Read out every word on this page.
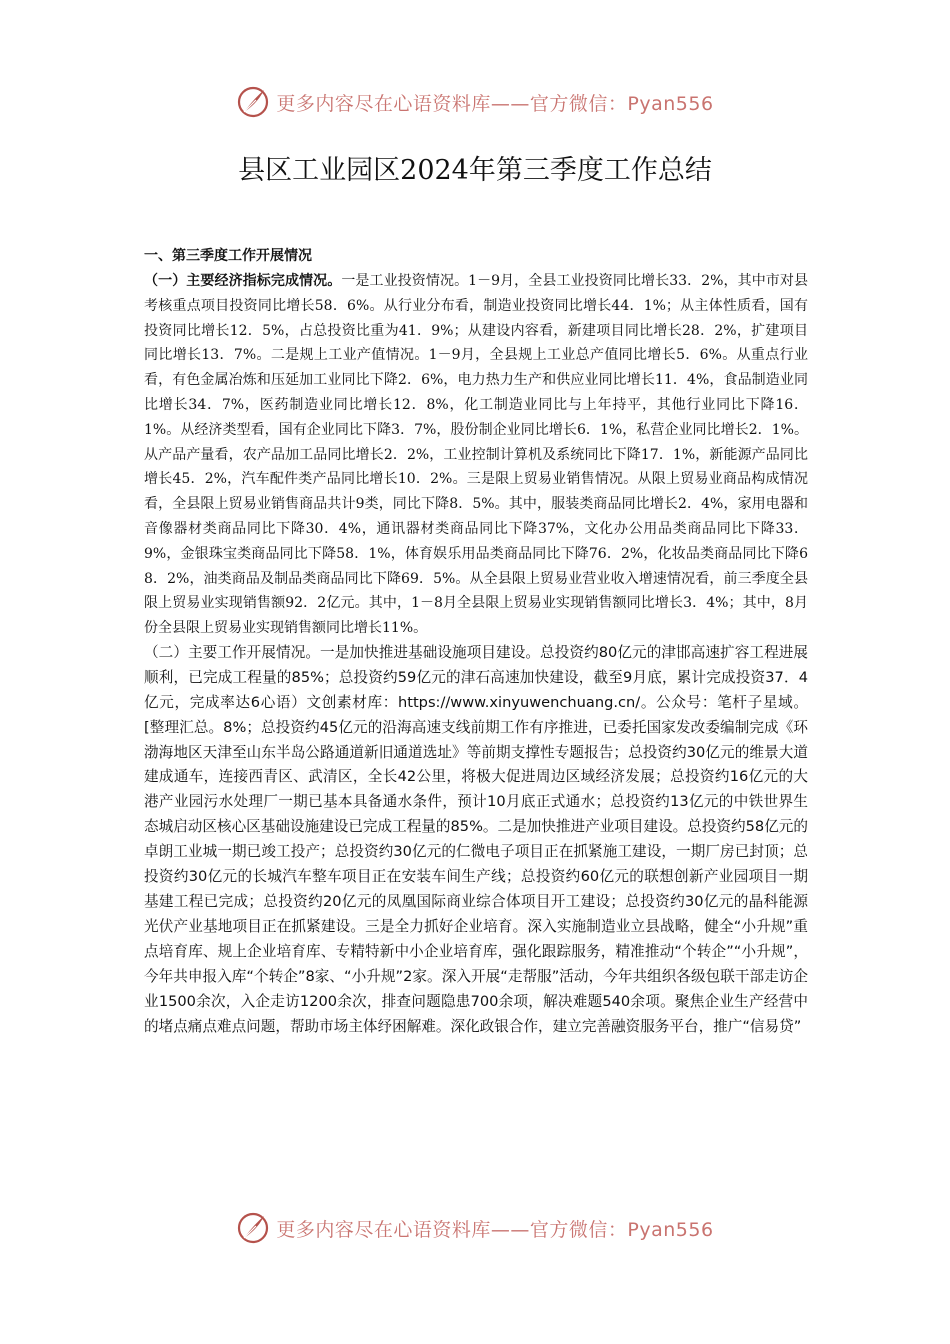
更多内容尽在心语资料库——官方微信：Pyan556
县区工业园区2024年第三季度工作总结

一、第三季度工作开展情况

（一）主要经济指标完成情况。一是工业投资情况。1－9月，全县工业投资同比增长33．2%，其中市对县考核重点项目投资同比增长58．6%。从行业分布看，制造业投资同比增长44．1%；从主体性质看，国有投资同比增长12．5%，占总投资比重为41．9%；从建设内容看，新建项目同比增长28．2%，扩建项目同比增长13．7%。二是规上工业产值情况。1－9月，全县规上工业总产值同比增长5．6%。从重点行业看，有色金属冶炼和压延加工业同比下降2．6%，电力热力生产和供应业同比增长11．4%，食品制造业同比增长34．7%，医药制造业同比增长12．8%，化工制造业同比与上年持平，其他行业同比下降16．1%。从经济类型看，国有企业同比下降3．7%，股份制企业同比增长6．1%，私营企业同比增长2．1%。从产品产量看，农产品加工品同比增长2．2%，工业控制计算机及系统同比下降17．1%，新能源产品同比增长45．2%，汽车配件类产品同比增长10．2%。三是限上贸易业销售情况。从限上贸易业商品构成情况看，全县限上贸易业销售商品共计9类，同比下降8．5%。其中，服装类商品同比增长2．4%，家用电器和音像器材类商品同比下降30．4%，通讯器材类商品同比下降37%，文化办公用品类商品同比下降33．9%，金银珠宝类商品同比下降58．1%，体育娱乐用品类商品同比下降76．2%，化妆品类商品同比下降68．2%，油类商品及制品类商品同比下降69．5%。从全县限上贸易业营业收入增速情况看，前三季度全县限上贸易业实现销售额92．2亿元。其中，1－8月全县限上贸易业实现销售额同比增长3．4%；其中，8月份全县限上贸易业实现销售额同比增长11%。

（二）主要工作开展情况。一是加快推进基础设施项目建设。总投资约80亿元的津邯高速扩容工程进展顺利，已完成工程量的85%；总投资约59亿元的津石高速加快建设，截至9月底，累计完成投资37．4亿元，完成率达6心语）文创素材库：https://www.xinyuwenchuang.cn/。公众号：笔杆子星域。[整理汇总。8%；总投资约45亿元的沿海高速支线前期工作有序推进，已委托国家发改委编制完成《环渤海地区天津至山东半岛公路通道新旧通道选址》等前期支撑性专题报告；总投资约30亿元的维景大道建成通车，连接西青区、武清区，全长42公里，将极大促进周边区域经济发展；总投资约16亿元的大港产业园污水处理厂一期已基本具备通水条件，预计10月底正式通水；总投资约13亿元的中铁世界生态城启动区核心区基础设施建设已完成工程量的85%。二是加快推进产业项目建设。总投资约58亿元的卓朗工业城一期已竣工投产；总投资约30亿元的仁微电子项目正在抓紧施工建设，一期厂房已封顶；总投资约30亿元的长城汽车整车项目正在安装车间生产线；总投资约60亿元的联想创新产业园项目一期基建工程已完成；总投资约20亿元的凤凰国际商业综合体项目开工建设；总投资约30亿元的晶科能源光伏产业基地项目正在抓紧建设。三是全力抓好企业培育。深入实施制造业立县战略，健全“小升规”重点培育库、规上企业培育库、专精特新中小企业培育库，强化跟踪服务，精准推动“个转企”“小升规”，今年共申报入库“个转企”8家、“小升规”2家。深入开展“走帮服”活动，今年共组织各级包联干部走访企业1500余次，入企走访1200余次，排查问题隐患700余项，解决难题540余项。聚焦企业生产经营中的堵点痛点难点问题，帮助市场主体纾困解难。深化政银合作，建立完善融资服务平台，推广“信易贷”

更多内容尽在心语资料库——官方微信：Pyan556
